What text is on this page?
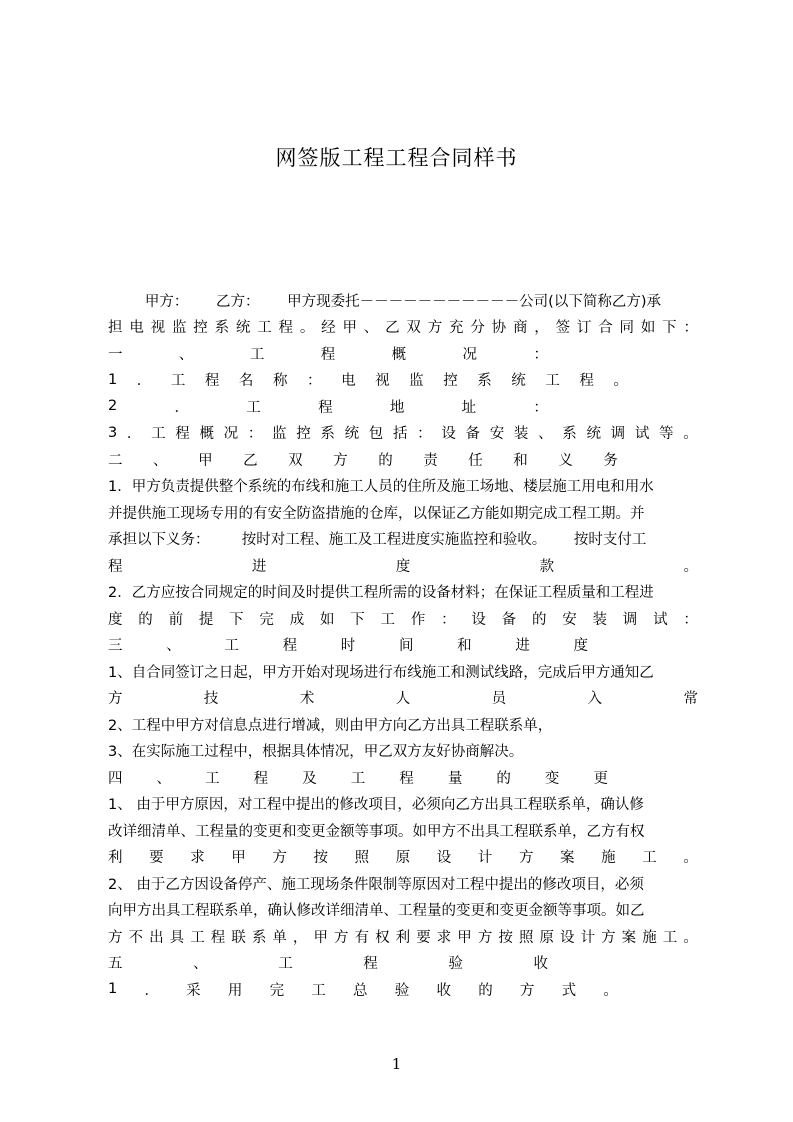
网签版工程工程合同样书
甲方：      乙方：      甲方现委托－－－－－－－－－－－公司(以下简称乙方)承
担 电 视 监 控 系 统 工 程 。 经 甲 、 乙 双 方 充 分 协 商 ， 签 订 合 同 如 下 ：
一	、	工	程	概	况	：
1 ． 工 程 名 称 ： 电 视 监 控 系 统 工 程 。
2	．	工	程	地	址	：
3 ． 工 程 概 况 ： 监 控 系 统 包 括 ： 设 备 安 装 、 系 统 调 试 等 。
二 、 甲 乙 双 方 的 责 任 和 义 务
1．甲方负责提供整个系统的布线和施工人员的住所及施工场地、楼层施工用电和用水
并提供施工现场专用的有安全防盗措施的仓库，以保证乙方能如期完成工程工期。并
承担以下义务：       按时对工程、施工及工程进度实施监控和验收。      按时支付工
程	进	度	款	。
2．乙方应按合同规定的时间及时提供工程所需的设备材料；在保证工程质量和工程进
度 的 前 提 下 完 成 如 下 工 作 ： 设 备 的 安 装 调 试 ：
三	、	工	程	时	间	和	进	度
1、自合同签订之日起，甲方开始对现场进行布线施工和测试线路，完成后甲方通知乙
方	技	术	人	员	入	常
2、工程中甲方对信息点进行增减，则由甲方向乙方出具工程联系单，
3、在实际施工过程中，根据具体情况，甲乙双方友好协商解决。
四 、 工 程 及 工 程 量 的 变 更
1、 由于甲方原因，对工程中提出的修改项目，必须向乙方出具工程联系单，确认修
改详细清单、工程量的变更和变更金额等事项。如甲方不出具工程联系单，乙方有权
利 要 求 甲 方 按 照 原 设 计 方 案 施 工 。
2、 由于乙方因设备停产、施工现场条件限制等原因对工程中提出的修改项目，必须
向甲方出具工程联系单，确认修改详细清单、工程量的变更和变更金额等事项。如乙
方 不 出 具 工 程 联 系 单 ， 甲 方 有 权 利 要 求 甲 方 按 照 原 设 计 方 案 施 工 。
五	、	工	程	验	收
1 ． 采 用 完 工 总 验 收 的 方 式 。
1
